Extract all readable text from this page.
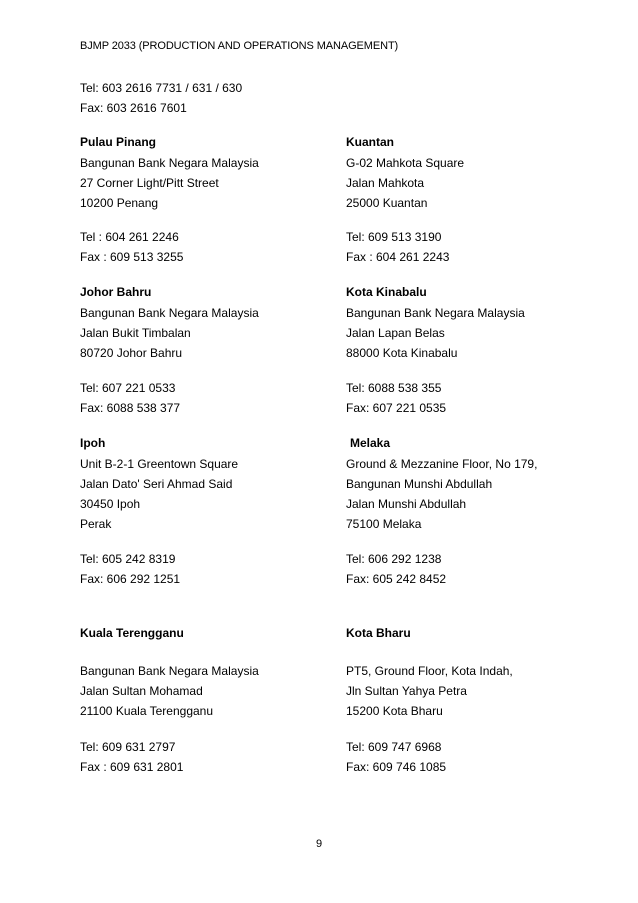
BJMP 2033 (PRODUCTION AND OPERATIONS MANAGEMENT)
Tel: 603 2616 7731 / 631 / 630
Fax: 603 2616 7601
Pulau Pinang
Bangunan Bank Negara Malaysia
27 Corner Light/Pitt Street
10200 Penang
Tel : 604 261 2246
Fax : 609 513 3255
Kuantan
G-02 Mahkota Square
Jalan Mahkota
25000 Kuantan
Tel: 609 513 3190
Fax : 604 261 2243
Johor Bahru
Bangunan Bank Negara Malaysia
Jalan Bukit Timbalan
80720 Johor Bahru
Tel: 607 221 0533
Fax: 6088 538 377
Kota Kinabalu
Bangunan Bank Negara Malaysia
Jalan Lapan Belas
88000 Kota Kinabalu
Tel: 6088 538 355
Fax: 607 221 0535
Ipoh
Unit B-2-1 Greentown Square
Jalan Dato' Seri Ahmad Said
30450 Ipoh
Perak
Tel: 605 242 8319
Fax: 606 292 1251
Melaka
Ground & Mezzanine Floor, No 179,
Bangunan Munshi Abdullah
Jalan Munshi Abdullah
75100 Melaka
Tel: 606 292 1238
Fax: 605 242 8452
Kuala Terengganu
Bangunan Bank Negara Malaysia
Jalan Sultan Mohamad
21100 Kuala Terengganu
Tel: 609 631 2797
Fax : 609 631 2801
Kota Bharu
PT5, Ground Floor, Kota Indah,
Jln Sultan Yahya Petra
15200 Kota Bharu
Tel: 609 747 6968
Fax: 609 746 1085
9
